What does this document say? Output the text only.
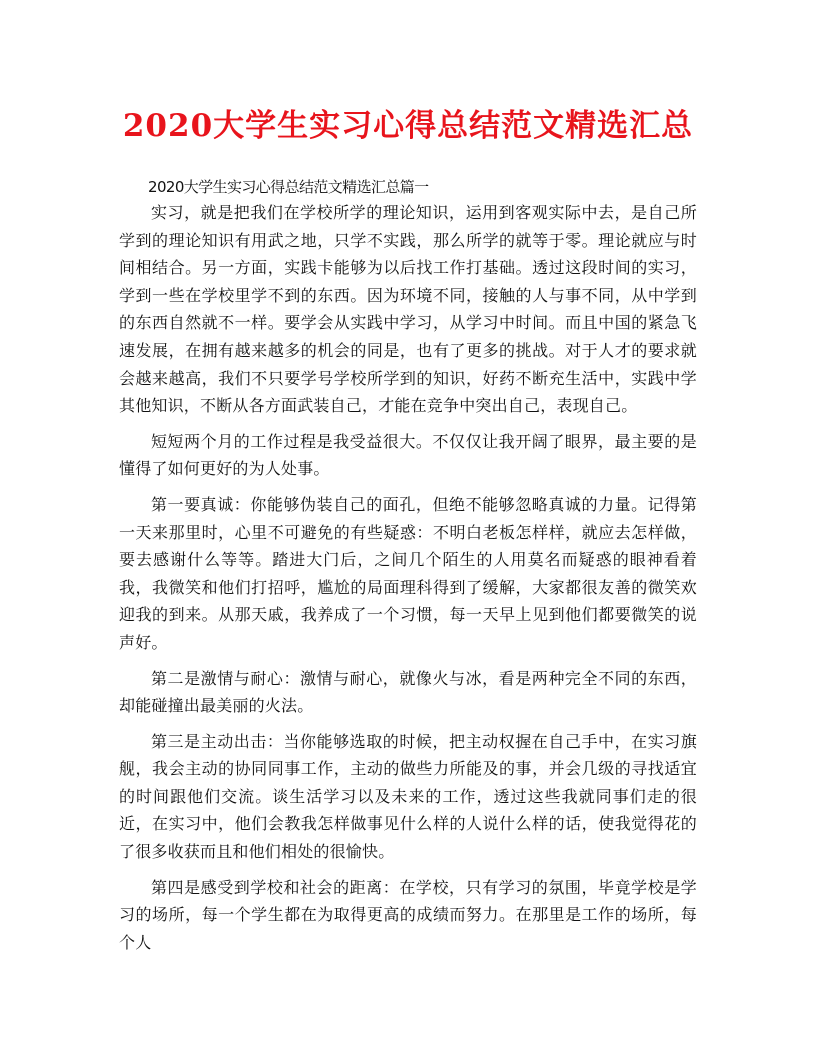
2020大学生实习心得总结范文精选汇总

2020大学生实习心得总结范文精选汇总篇一

实习，就是把我们在学校所学的理论知识，运用到客观实际中去，是自己所学到的理论知识有用武之地，只学不实践，那么所学的就等于零。理论就应与时间相结合。另一方面，实践卡能够为以后找工作打基础。透过这段时间的实习，学到一些在学校里学不到的东西。因为环境不同，接触的人与事不同，从中学到的东西自然就不一样。要学会从实践中学习，从学习中时间。而且中国的紧急飞速发展，在拥有越来越多的机会的同是，也有了更多的挑战。对于人才的要求就会越来越高，我们不只要学号学校所学到的知识，好药不断充生活中，实践中学其他知识，不断从各方面武装自己，才能在竞争中突出自己，表现自己。

短短两个月的工作过程是我受益很大。不仅仅让我开阔了眼界，最主要的是懂得了如何更好的为人处事。

第一要真诚：你能够伪装自己的面孔，但绝不能够忽略真诚的力量。记得第一天来那里时，心里不可避免的有些疑惑：不明白老板怎样样，就应去怎样做，要去感谢什么等等。踏进大门后，之间几个陌生的人用莫名而疑惑的眼神看着我，我微笑和他们打招呼，尴尬的局面理科得到了缓解，大家都很友善的微笑欢迎我的到来。从那天戚，我养成了一个习惯，每一天早上见到他们都要微笑的说声好。

第二是激情与耐心：激情与耐心，就像火与冰，看是两种完全不同的东西，却能碰撞出最美丽的火法。

第三是主动出击：当你能够选取的时候，把主动权握在自己手中，在实习旗舰，我会主动的协同同事工作，主动的做些力所能及的事，并会几级的寻找适宜的时间跟他们交流。谈生活学习以及未来的工作，透过这些我就同事们走的很近，在实习中，他们会教我怎样做事见什么样的人说什么样的话，使我觉得花的了很多收获而且和他们相处的很愉快。

第四是感受到学校和社会的距离：在学校，只有学习的氛围，毕竟学校是学习的场所，每一个学生都在为取得更高的成绩而努力。在那里是工作的场所，每个人
